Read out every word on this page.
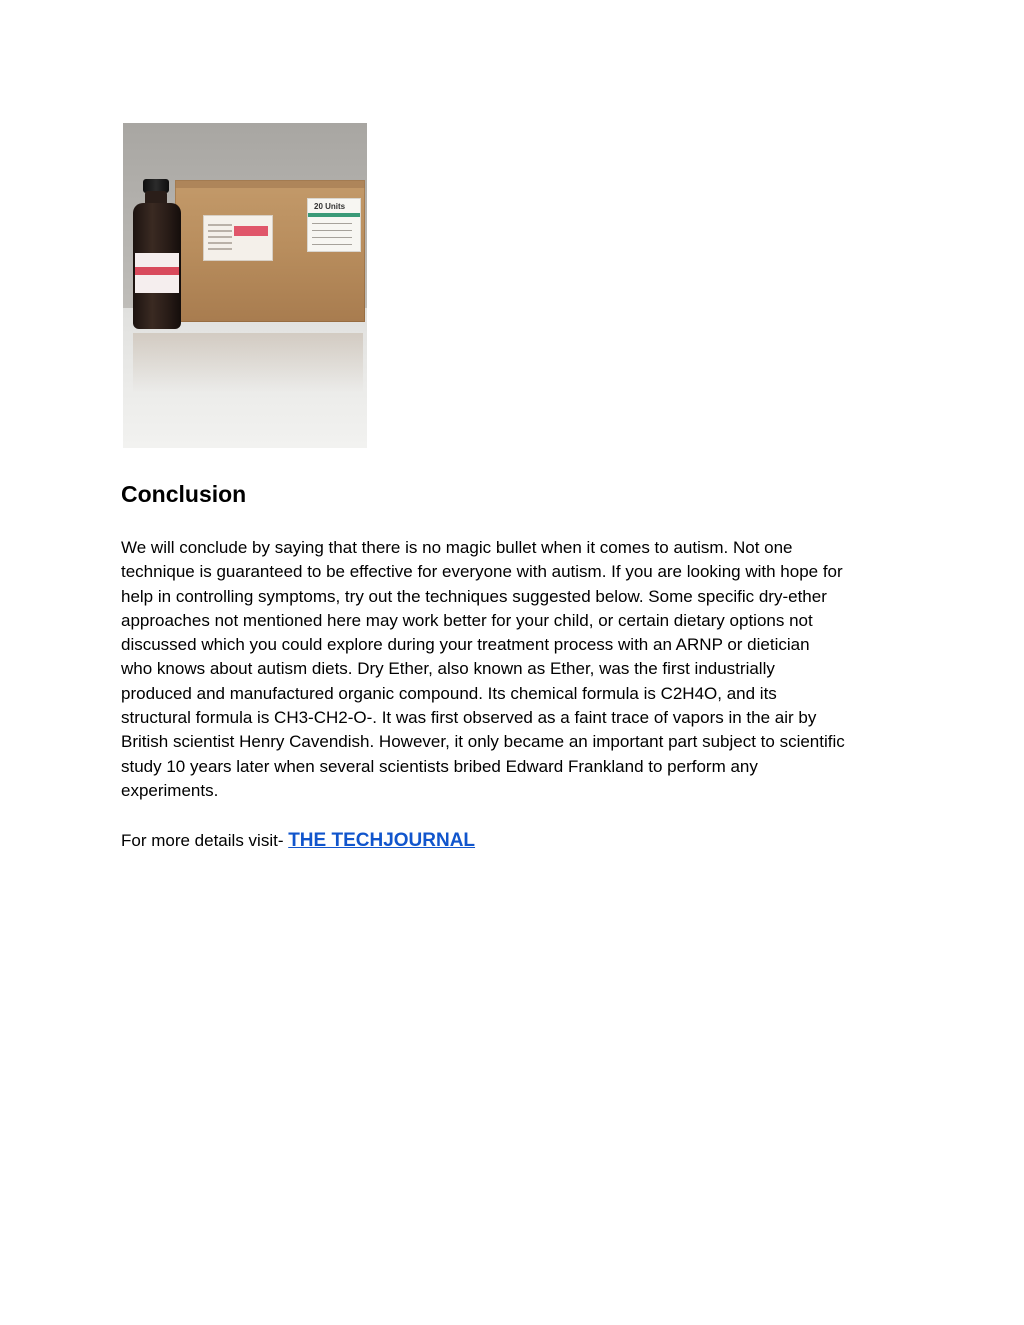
20 Units
Conclusion

We will conclude by saying that there is no magic bullet when it comes to autism. Not one
technique is guaranteed to be effective for everyone with autism. If you are looking with hope for
help in controlling symptoms, try out the techniques suggested below. Some specific dry-ether
approaches not mentioned here may work better for your child, or certain dietary options not
discussed which you could explore during your treatment process with an ARNP or dietician
who knows about autism diets. Dry Ether, also known as Ether, was the first industrially
produced and manufactured organic compound. Its chemical formula is C2H4O, and its
structural formula is CH3-CH2-O-. It was first observed as a faint trace of vapors in the air by
British scientist Henry Cavendish. However, it only became an important part subject to scientific
study 10 years later when several scientists bribed Edward Frankland to perform any
experiments.

For more details visit- THE TECHJOURNAL
